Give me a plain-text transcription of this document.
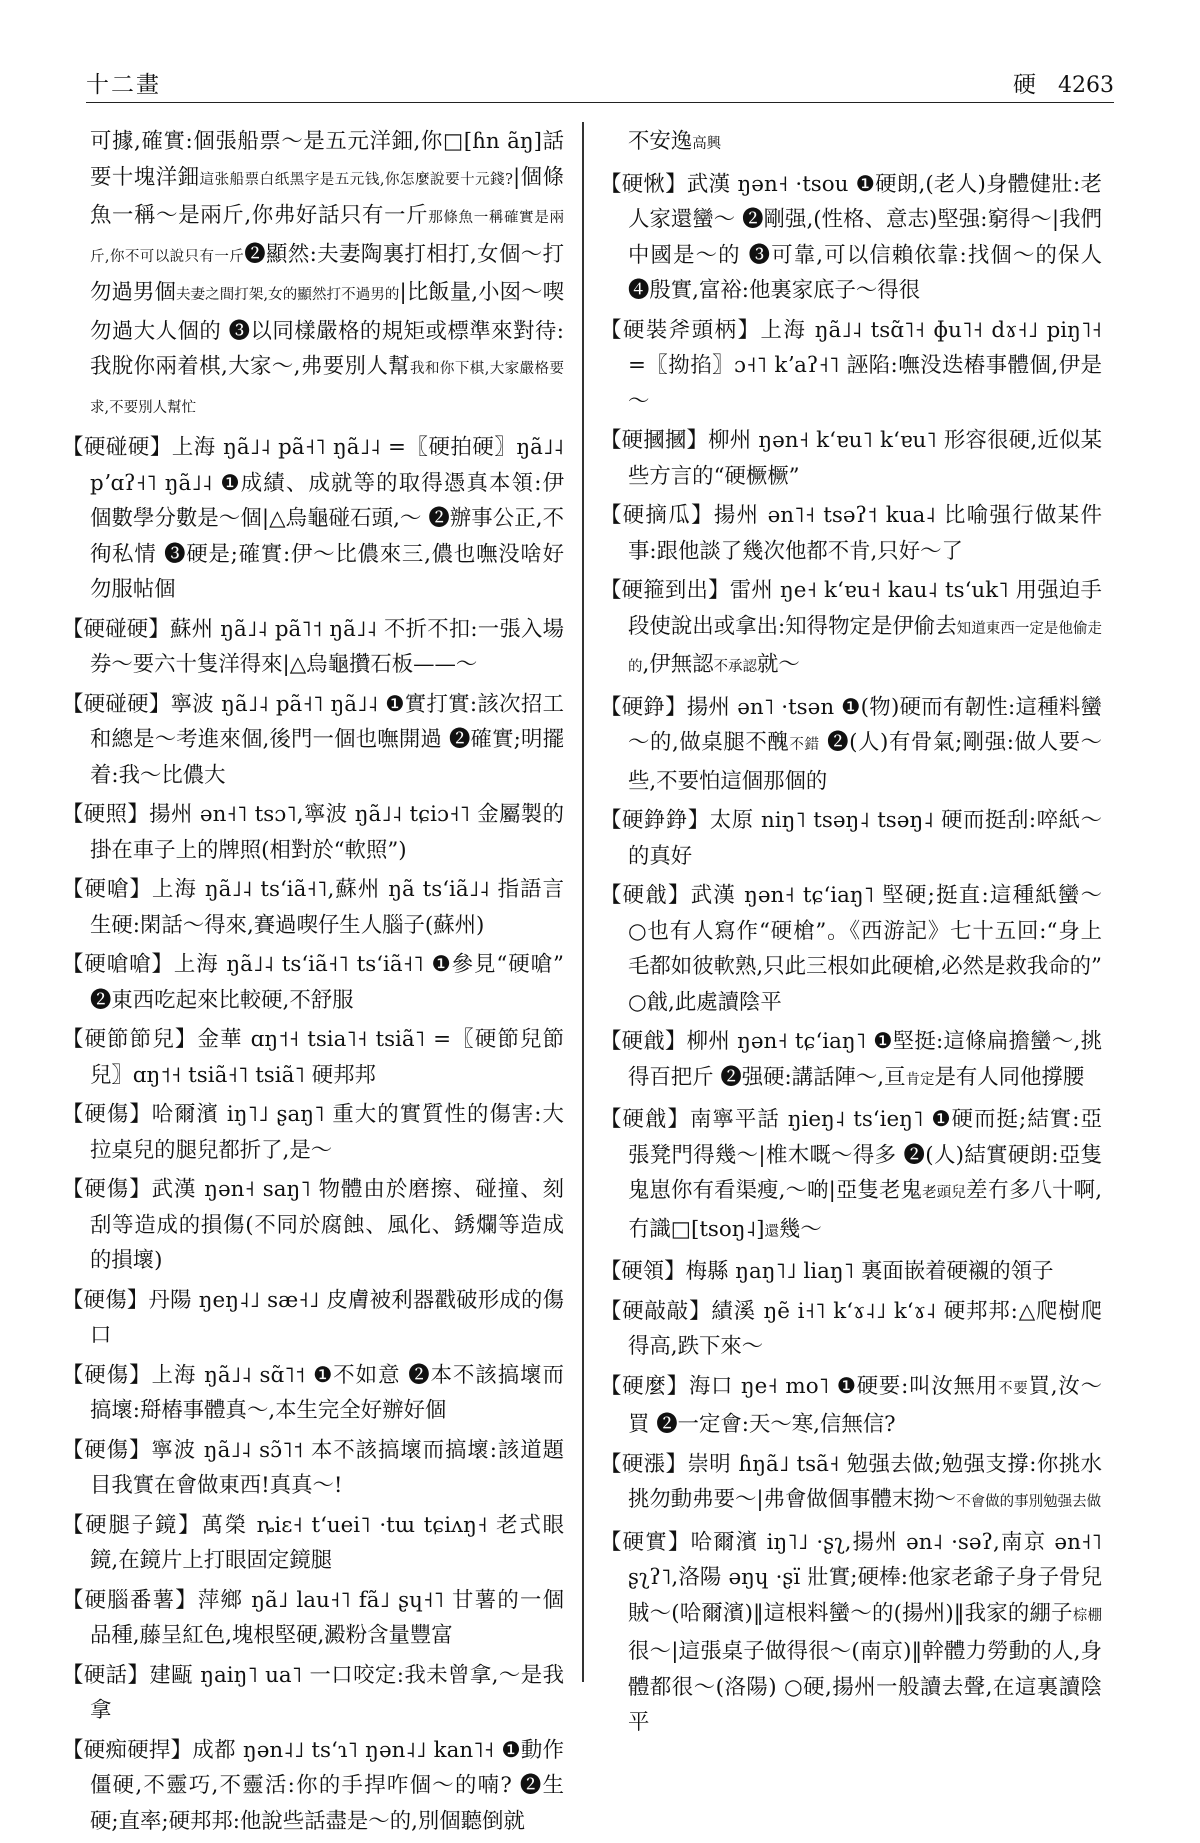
十二畫	硬 4263
可據,確實:個張船票～是五元洋鈿,你□[ɦn ãŋ]話要十塊洋鈿這张船票白纸黑字是五元钱,你怎麼說要十元錢?|個條魚一稱～是兩斤,你弗好話只有一斤那條魚一稱確實是兩斤,你不可以說只有一斤❷顯然:夫妻陶裏打相打,女個～打勿過男個夫妻之間打架,女的顯然打不過男的|比飯量,小囡～喫勿過大人個的 ❸以同樣嚴格的規矩或標準來對待:我脫你兩着棋,大家～,弗要別人幫我和你下棋,大家嚴格要求,不要別人幫忙
【 硬碰硬 】 上海 ŋã˩˨ pã˧˥ ŋã˩˨ =〖硬拍硬〗ŋã˩˨ pʼɑʔ˧˥ ŋã˩˨ ❶成績、成就等的取得憑真本領:伊個數學分數是～個|△烏龜碰石頭,～ ❷辦事公正,不徇私情 ❸硬是;確實:伊～比儂來三,儂也嘸没啥好勿服帖個
【 硬碰硬 】 蘇州 ŋã˩˨ pã˥˦ ŋã˩˨ 不折不扣:一張入場券～要六十隻洋得來|△烏龜攢石板——～
【 硬碰硬 】 寧波 ŋã˩˨ pã˧˥ ŋã˩˨ ❶實打實:該次招工和總是～考進來個,後門一個也嘸開過 ❷確實;明擺着:我～比儂大
【 硬照 】 揚州 ən˧˥ tsɔ˥,寧波 ŋã˩˨ tɕiɔ˧˥ 金屬製的掛在車子上的牌照(相對於“軟照”)
【 硬嗆 】 上海 ŋã˩˨ tsʻiã˧˥,蘇州 ŋã tsʻiã˩˨ 指語言生硬:閑話～得來,賽過喫仔生人腦子(蘇州)
【 硬嗆嗆 】 上海 ŋã˩˨ tsʻiã˧˥ tsʻiã˧˥ ❶參見“硬嗆” ❷東西吃起來比較硬,不舒服
【 硬節節兒 】 金華 ɑŋ˦˧ tsia˥˧ tsiã˥ =〖硬節兒節兒〗ɑŋ˦˧ tsiã˧˥ tsiã˥ 硬邦邦
【 硬傷 】 哈爾濱 iŋ˥˩ ʂaŋ˥ 重大的實質性的傷害:大拉桌兒的腿兒都折了,是～
【 硬傷 】 武漢 ŋən˧ saŋ˥ 物體由於磨擦、碰撞、刻刮等造成的損傷(不同於腐蝕、風化、銹爛等造成的損壞)
【 硬傷 】 丹陽 ŋeŋ˨˩ sæ˧˩ 皮膚被利器戳破形成的傷口
【 硬傷 】 上海 ŋã˩˨ sɑ̃˥˦ ❶不如意 ❷本不該搞壞而搞壞:搿樁事體真～,本生完全好辦好個
【 硬傷 】 寧波 ŋã˩˨ sɔ̃˥˦ 本不該搞壞而搞壞:該道題目我實在會做東西!真真～!
【 硬腿子鏡 】 萬榮 ȵiɛ˧ tʻuei˥ ·tɯ tɕiʌŋ˧ 老式眼鏡,在鏡片上打眼固定鏡腿
【 硬腦番薯 】 萍鄉 ŋã˩ lau˧˥ fã˩ ʂɥ˧˥ 甘薯的一個品種,藤呈紅色,塊根堅硬,澱粉含量豐富
【 硬話 】 建甌 ŋaiŋ˥ ua˥ 一口咬定:我未曾拿,～是我拿
【 硬痴硬捍 】 成都 ŋən˨˩ tsʻɿ˥ ŋən˨˩ kan˥˧ ❶動作僵硬,不靈巧,不靈活:你的手捍咋個～的喃? ❷生硬;直率;硬邦邦:他說些話盡是～的,別個聽倒就
不安逸高興
【 硬愀 】 武漢 ŋən˧ ·tsou ❶硬朗,(老人)身體健壯:老人家還蠻～ ❷剛强,(性格、意志)堅强:窮得～|我們中國是～的 ❸可靠,可以信賴依靠:找個～的保人 ❹殷實,富裕:他裏家底子～得很
【 硬裝斧頭柄 】 上海 ŋã˩˨ tsɑ̃˥˧ ɸu˥˧ dɤ˧˩ piŋ˥˧ =〖拗掐〗ɔ˧˥ kʼaʔ˧˥ 誣陷:嘸没迭樁事體個,伊是～
【 硬摑摑 】 柳州 ŋən˧ kʻɐu˥ kʻɐu˥ 形容很硬,近似某些方言的“硬橛橛”
【 硬摘瓜 】 揚州 ən˥˧ tsəʔ˦ kua˨ 比喻强行做某件事:跟他談了幾次他都不肯,只好～了
【 硬箍到出 】 雷州 ŋe˧ kʻɐu˧ kau˨ tsʻuk˥ 用强迫手段使說出或拿出:知得物定是伊偷去知道東西一定是他偷走的,伊無認不承認就～
【 硬錚 】 揚州 ən˥ ·tsən ❶(物)硬而有韌性:這種料蠻～的,做桌腿不醜不錯 ❷(人)有骨氣;剛强:做人要～些,不要怕這個那個的
【 硬錚錚 】 太原 niŋ˥ tsəŋ˨ tsəŋ˨ 硬而挺刮:啐紙～的真好
【 硬戧 】 武漢 ŋən˧ tɕʻiaŋ˥ 堅硬;挺直:這種紙蠻～ ○也有人寫作“硬槍”。《西游記》七十五回:“身上毛都如彼軟熟,只此三根如此硬槍,必然是救我命的” ○戧,此處讀陰平
【 硬戧 】 柳州 ŋən˧ tɕʻiaŋ˥ ❶堅挺:這條扁擔蠻～,挑得百把斤 ❷强硬:講話陣～,亘肯定是有人同他撐腰
【 硬戧 】 南寧平話 ŋieŋ˨ tsʻieŋ˥ ❶硬而挺;結實:亞張凳門得幾～|椎木嘅～得多 ❷(人)結實硬朗:亞隻鬼崽你有看渠瘦,～啲|亞隻老鬼老頭兒差冇多八十啊,冇識□[tsoŋ˨]還幾～
【 硬領 】 梅縣 ŋaŋ˥˩ liaŋ˥ 裏面嵌着硬襯的領子
【 硬敲敲 】 績溪 ŋẽ i˧˥ kʻɤ˨˩ kʻɤ˨ 硬邦邦:△爬樹爬得高,跌下來～
【 硬麼 】 海口 ŋe˧ mo˥ ❶硬要:叫汝無用不要買,汝～買 ❷一定會:天～寒,信無信?
【 硬漲 】 崇明 ɦŋã˩ tsã˧ 勉强去做;勉强支撐:你挑水挑勿動弗要～|弗會做個事體末拗～不會做的事別勉强去做
【 硬實 】 哈爾濱 iŋ˥˩ ·ʂʅ,揚州 ən˨ ·səʔ,南京 ən˧˥ ʂʅʔ˥,洛陽 əŋɥ ·ʂï 壯實;硬棒:他家老爺子身子骨兒賊～(哈爾濱)‖這根料蠻～的(揚州)‖我家的綳子棕棚很～|這張桌子做得很～(南京)‖幹體力勞動的人,身體都很～(洛陽) ○硬,揚州一般讀去聲,在這裏讀陰平
